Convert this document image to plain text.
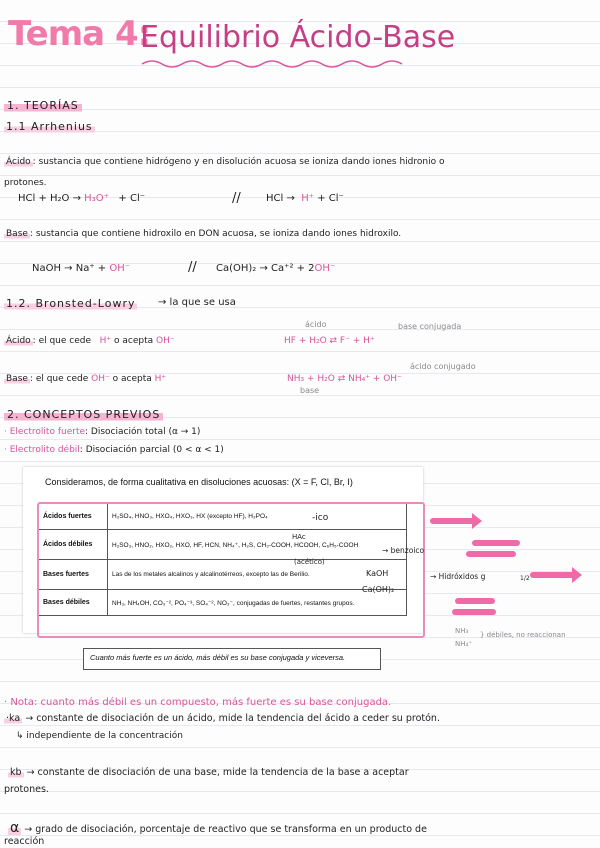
Tema 4:
Equilibrio Ácido-Base
1. TEORÍAS
1.1 Arrhenius
Ácido : sustancia que contiene hidrógeno y en disolución acuosa se ioniza dando iones hidronio o
protones.
HCl + H₂O → H₃O⁺ + Cl⁻	//	HCl → H⁺ + Cl⁻
Base : sustancia que contiene hidroxilo en DON acuosa, se ioniza dando iones hidroxilo.
NaOH → Na⁺ + OH⁻	// Ca(OH)₂ → Ca⁺² + 2OH⁻
1.2. Bronsted-Lowry → la que se usa
Ácido : el que cede H⁺ o acepta OH⁻
ácido	base conjugada
HF + H₂O ⇄ F⁻ + H⁺
Base : el que cede OH⁻ o acepta H⁺
ácido conjugado
NH₃ + H₂O ⇄ NH₄⁺ + OH⁻
base
2. CONCEPTOS PREVIOS
· Electrolito fuerte: Disociación total (α → 1)
· Electrolito débil: Disociación parcial (0 < α < 1)
Consideramos, de forma cualitativa en disoluciones acuosas: (X = F, Cl, Br, I)
Ácidos fuertes	H₂SO₄, HNO₃, HXO₄, HXO₃, HX (excepto HF), H₃PO₄
Ácidos débiles	H₂SO₃, HNO₂, HXO₂, HXO, HF, HCN, NH₄⁺, H₂S, CH₃-COOH, HCOOH, C₆H₅-COOH
Bases fuertes	Las de los metales alcalinos y alcalinotérreos, excepto las de Berilio.
Bases débiles	NH₃, NH₄OH, CO₃⁻², PO₄⁻³, SO₄⁻², NO₃⁻, conjugadas de fuertes, restantes grupos.
-ico
HAc
(acético)
→ benzoico
KaOH
Ca(OH)₂
→ Hidróxidos g	1/2
NH₃
NH₄⁺
} débiles, no reaccionan
Cuanto más fuerte es un ácido, más débil es su base conjugada y viceversa.
· Nota: cuanto más débil es un compuesto, más fuerte es su base conjugada.
·ka → constante de disociación de un ácido, mide la tendencia del ácido a ceder su protón.
↳ independiente de la concentración
kb → constante de disociación de una base, mide la tendencia de la base a aceptar
protones.
α → grado de disociación, porcentaje de reactivo que se transforma en un producto de
reacción
